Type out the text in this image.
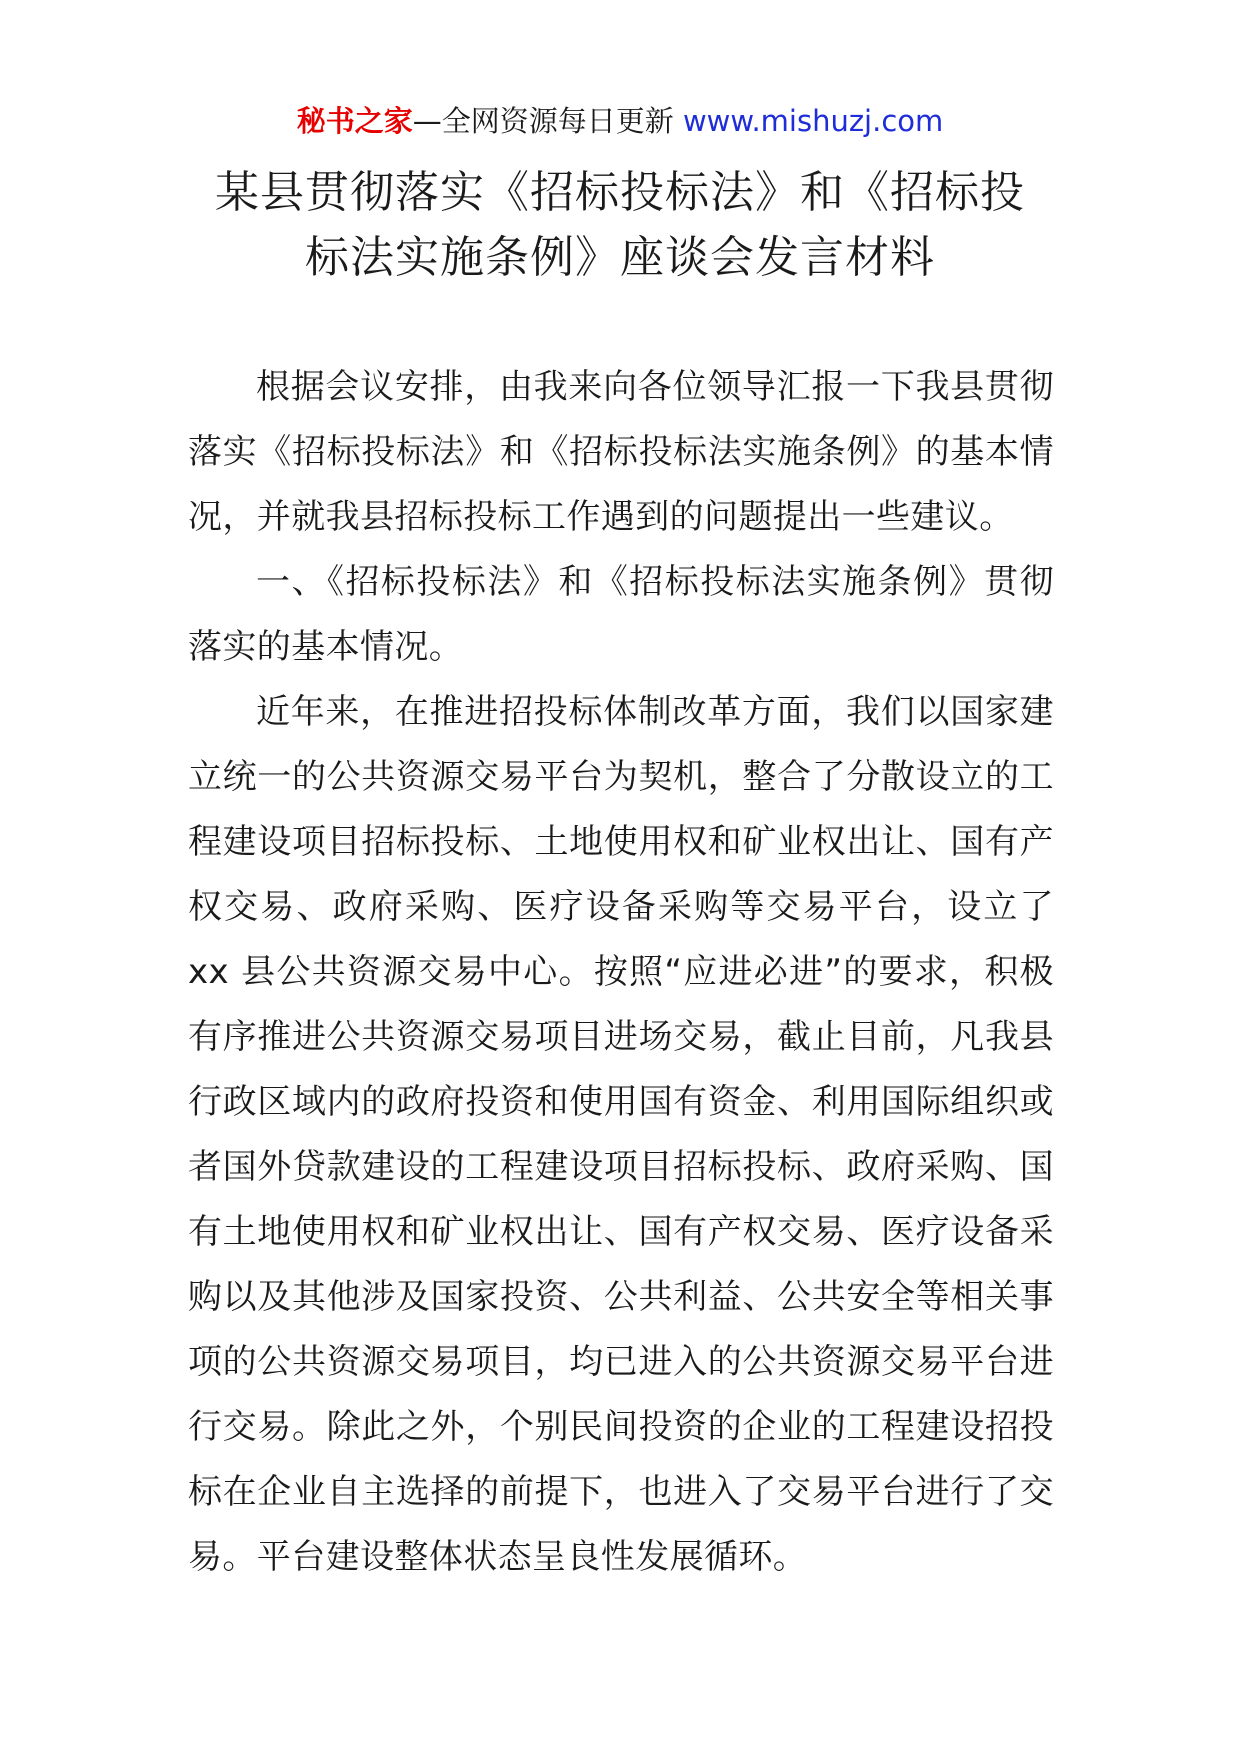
秘书之家—全网资源每日更新 www.mishuzj.com
某县贯彻落实《招标投标法》和《招标投
标法实施条例》座谈会发言材料

根据会议安排，由我来向各位领导汇报一下我县贯彻落实《招标投标法》和《招标投标法实施条例》的基本情况，并就我县招标投标工作遇到的问题提出一些建议。

一、《招标投标法》和《招标投标法实施条例》贯彻落实的基本情况。

近年来，在推进招投标体制改革方面，我们以国家建立统一的公共资源交易平台为契机，整合了分散设立的工程建设项目招标投标、土地使用权和矿业权出让、国有产权交易、政府采购、医疗设备采购等交易平台，设立了 xx 县公共资源交易中心。按照“应进必进”的要求，积极有序推进公共资源交易项目进场交易，截止目前，凡我县行政区域内的政府投资和使用国有资金、利用国际组织或者国外贷款建设的工程建设项目招标投标、政府采购、国有土地使用权和矿业权出让、国有产权交易、医疗设备采购以及其他涉及国家投资、公共利益、公共安全等相关事项的公共资源交易项目，均已进入的公共资源交易平台进行交易。除此之外，个别民间投资的企业的工程建设招投标在企业自主选择的前提下，也进入了交易平台进行了交易。平台建设整体状态呈良性发展循环。
